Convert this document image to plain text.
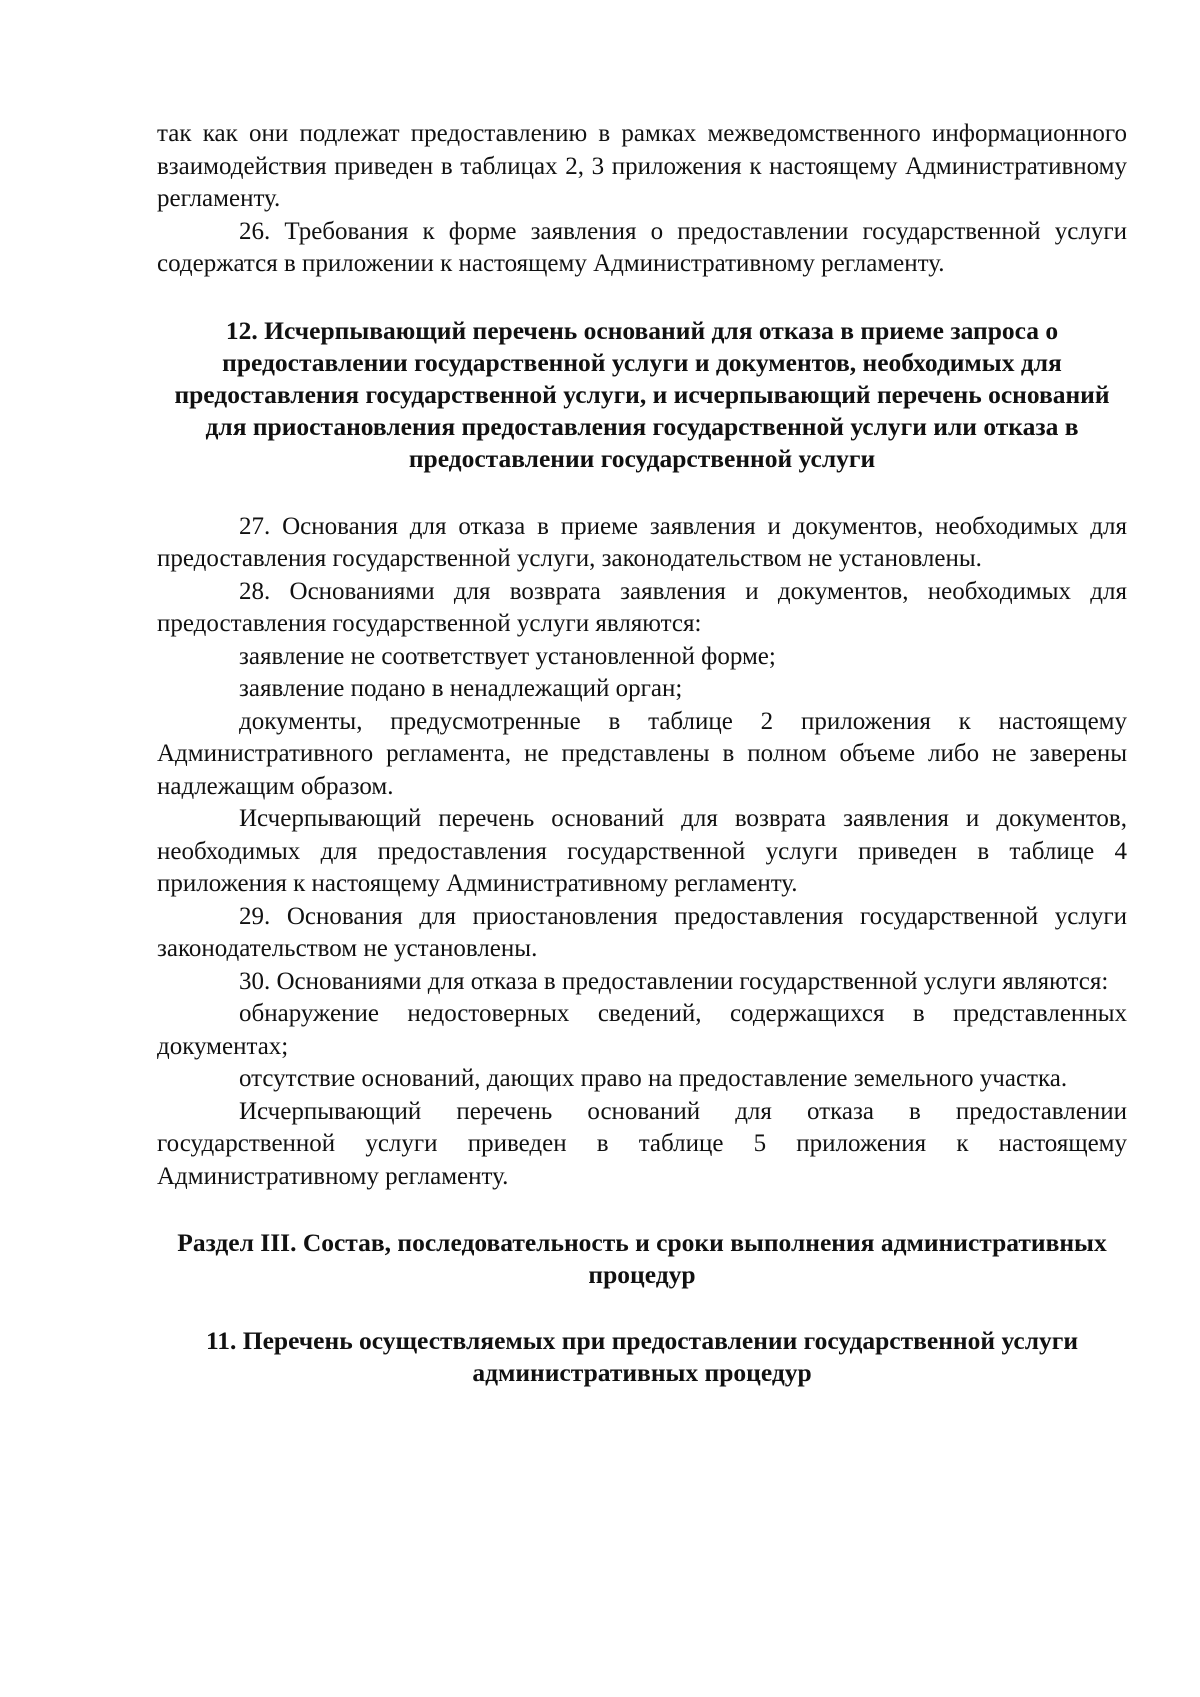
так как они подлежат предоставлению в рамках межведомственного информационного взаимодействия приведен в таблицах 2, 3 приложения к настоящему Административному регламенту.

26. Требования к форме заявления о предоставлении государственной услуги содержатся в приложении к настоящему Административному регламенту.

12. Исчерпывающий перечень оснований для отказа в приеме запроса о предоставлении государственной услуги и документов, необходимых для предоставления государственной услуги, и исчерпывающий перечень оснований для приостановления предоставления государственной услуги или отказа в предоставлении государственной услуги

27. Основания для отказа в приеме заявления и документов, необходимых для предоставления государственной услуги, законодательством не установлены.

28. Основаниями для возврата заявления и документов, необходимых для предоставления государственной услуги являются:

заявление не соответствует установленной форме;

заявление подано в ненадлежащий орган;

документы, предусмотренные в таблице 2 приложения к настоящему Административного регламента, не представлены в полном объеме либо не заверены надлежащим образом.

Исчерпывающий перечень оснований для возврата заявления и документов, необходимых для предоставления государственной услуги приведен в таблице 4 приложения к настоящему Административному регламенту.

29. Основания для приостановления предоставления государственной услуги законодательством не установлены.

30. Основаниями для отказа в предоставлении государственной услуги являются:

обнаружение недостоверных сведений, содержащихся в представленных документах;

отсутствие оснований, дающих право на предоставление земельного участка.

Исчерпывающий перечень оснований для отказа в предоставлении государственной услуги приведен в таблице 5 приложения к настоящему Административному регламенту.

Раздел III. Состав, последовательность и сроки выполнения административных процедур

11. Перечень осуществляемых при предоставлении государственной услуги административных процедур
